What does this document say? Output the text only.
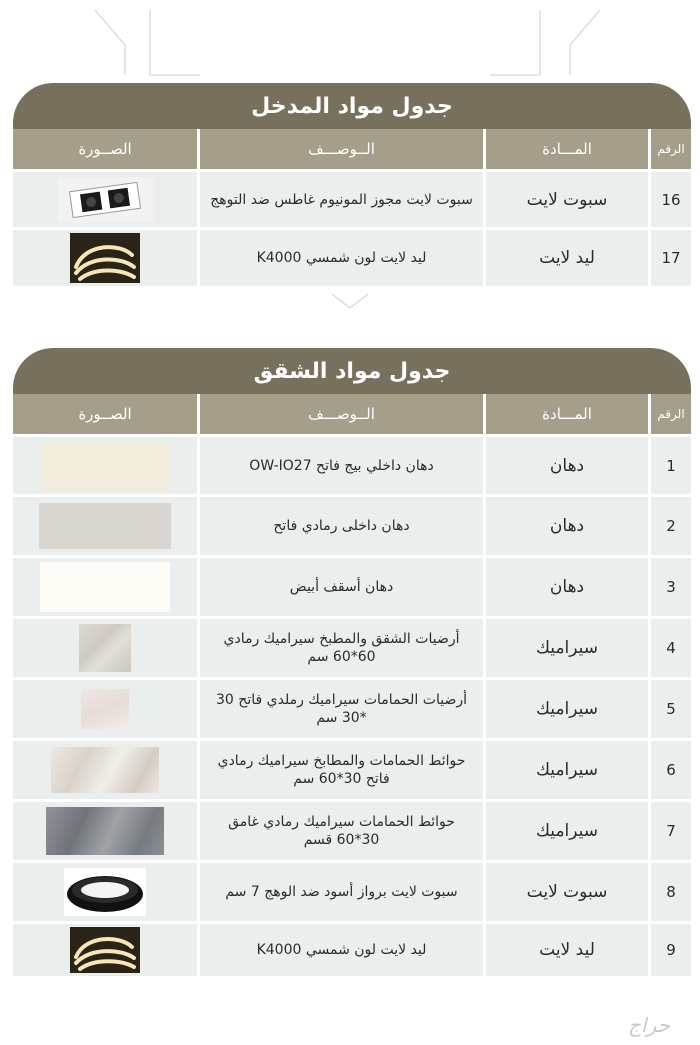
جدول مواد المدخل
الرقم
المـــادة
الــوصـــف
الصــورة
16
سبوت لايت
سبوت لايت مجوز المونيوم غاطس ضد التوهج
17
ليد لايت
ليد لايت لون شمسي K4000
جدول مواد الشقق
الرقم
المـــادة
الــوصـــف
الصــورة
1
دهان
دهان داخلي بيج فاتح OW-IO27
2
دهان
دهان داخلى رمادي فاتح
3
دهان
دهان أسقف أبيض
4
سيراميك
أرضيات الشقق والمطبخ سيراميك رمادي 60*60 سم
5
سيراميك
أرضيات الحمامات سيراميك رملدي فاتح 30 *30 سم
6
سيراميك
حوائط الحمامات والمطابخ سيراميك رمادي فاتح 30*60 سم
7
سيراميك
حوائط الحمامات سيراميك رمادي غامق 30*60 قسم
8
سبوت لايت
سبوت لايت برواز أسود ضد الوهج 7 سم
9
ليد لايت
ليد لايت لون شمسي K4000
حراج
